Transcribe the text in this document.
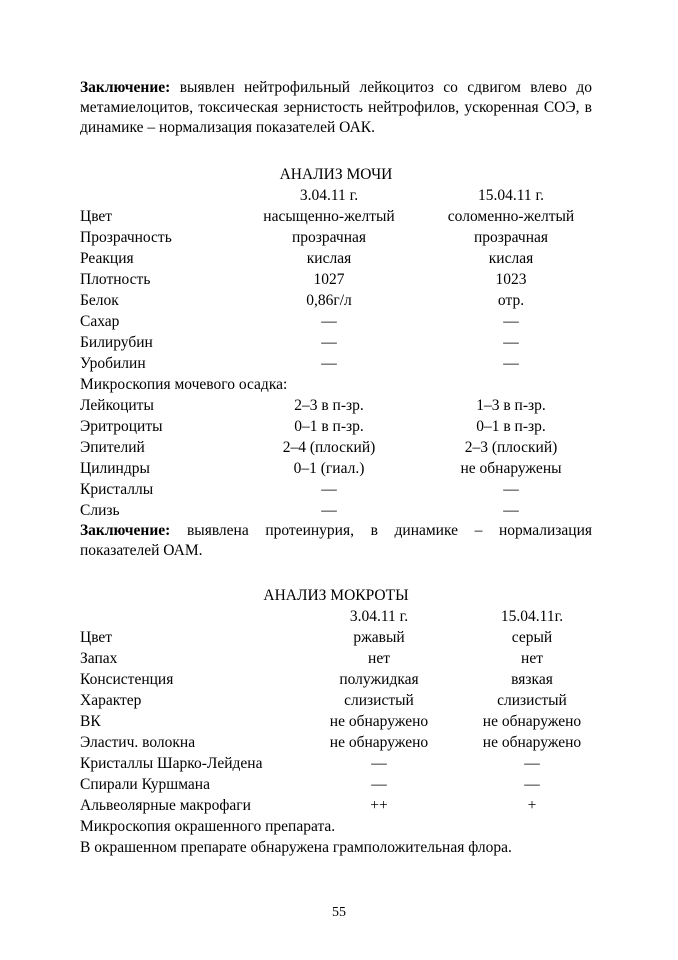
Заключение: выявлен нейтрофильный лейкоцитоз со сдвигом влево до метамиелоцитов, токсическая зернистость нейтрофилов, ускоренная СОЭ, в динамике – нормализация показателей ОАК.

АНАЛИЗ МОЧИ
3.04.11 г.	15.04.11 г.
Цвет	насыщенно-желтый	соломенно-желтый
Прозрачность	прозрачная	прозрачная
Реакция	кислая	кислая
Плотность	1027	1023
Белок	0,86г/л	отр.
Сахар	—	—
Билирубин	—	—
Уробилин	—	—
Микроскопия мочевого осадка:
Лейкоциты	2–3 в п-зр.	1–3 в п-зр.
Эритроциты	0–1 в п-зр.	0–1 в п-зр.
Эпителий	2–4 (плоский)	2–3 (плоский)
Цилиндры	0–1 (гиал.)	не обнаружены
Кристаллы	—	—
Слизь	—	—

Заключение: выявлена протеинурия, в динамике – нормализация показателей ОАМ.

АНАЛИЗ МОКРОТЫ
3.04.11 г.	15.04.11г.
Цвет	ржавый	серый
Запах	нет	нет
Консистенция	полужидкая	вязкая
Характер	слизистый	слизистый
ВК	не обнаружено	не обнаружено
Эластич. волокна	не обнаружено	не обнаружено
Кристаллы Шарко-Лейдена	—	—
Спирали Куршмана	—	—
Альвеолярные макрофаги	++	+
Микроскопия окрашенного препарата.
В окрашенном препарате обнаружена грамположительная флора.
55
